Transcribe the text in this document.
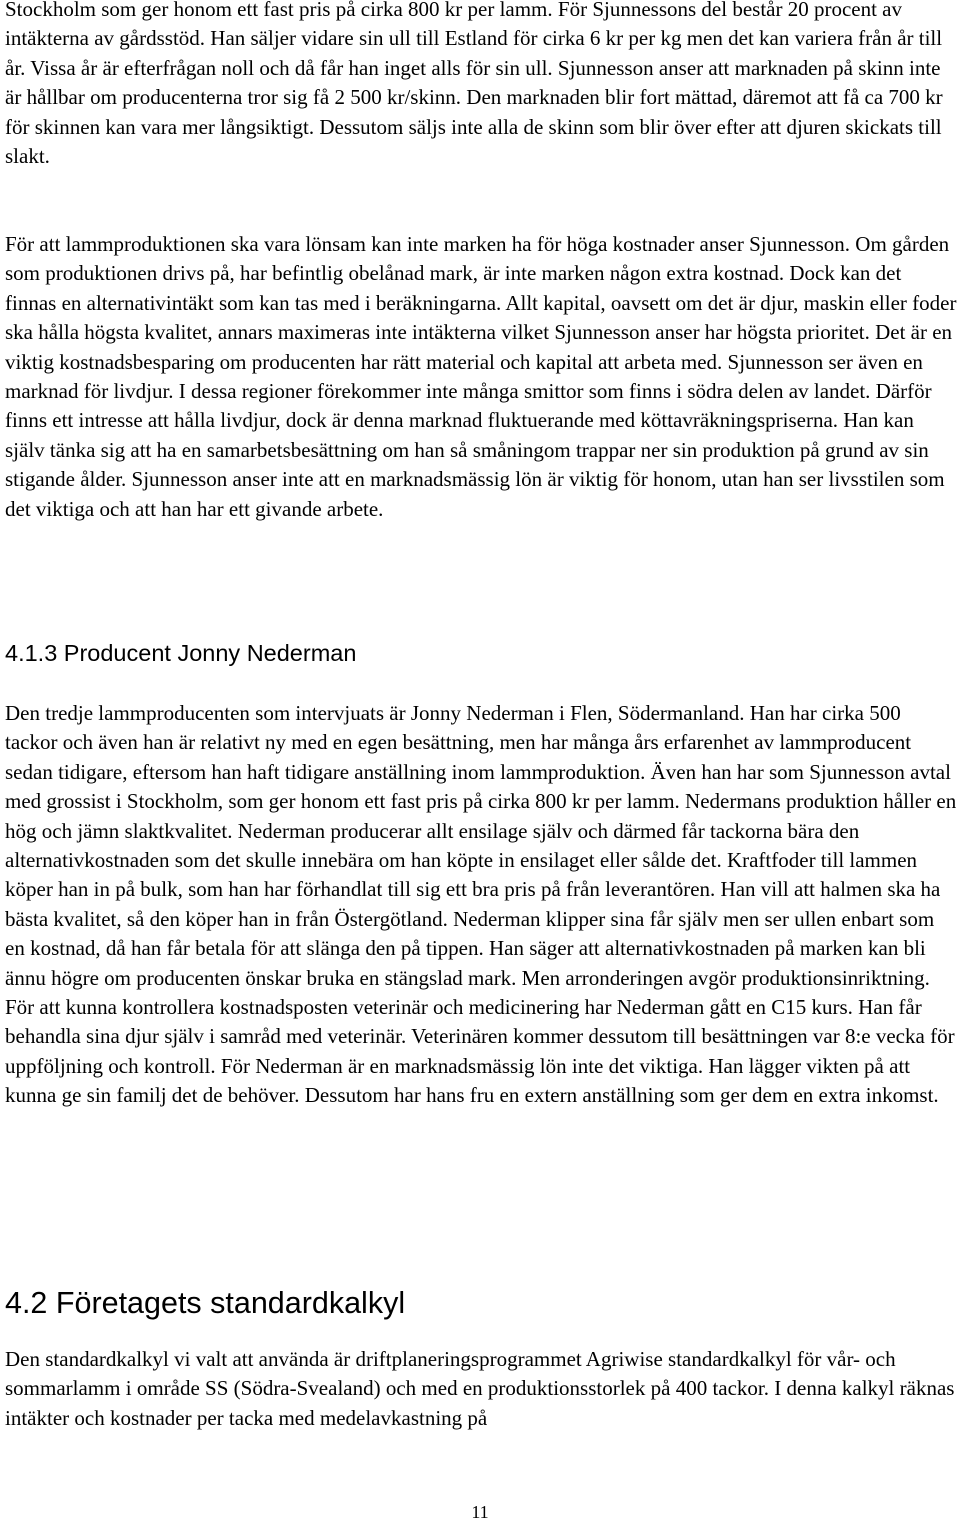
Stockholm som ger honom ett fast pris på cirka 800 kr per lamm. För Sjunnessons del består 20 procent av intäkterna av gårdsstöd. Han säljer vidare sin ull till Estland för cirka 6 kr per kg men det kan variera från år till år. Vissa år är efterfrågan noll och då får han inget alls för sin ull. Sjunnesson anser att marknaden på skinn inte är hållbar om producenterna tror sig få 2 500 kr/skinn. Den marknaden blir fort mättad, däremot att få ca 700 kr för skinnen kan vara mer långsiktigt. Dessutom säljs inte alla de skinn som blir över efter att djuren skickats till slakt.

För att lammproduktionen ska vara lönsam kan inte marken ha för höga kostnader anser Sjunnesson. Om gården som produktionen drivs på, har befintlig obelånad mark, är inte marken någon extra kostnad. Dock kan det finnas en alternativintäkt som kan tas med i beräkningarna. Allt kapital, oavsett om det är djur, maskin eller foder ska hålla högsta kvalitet, annars maximeras inte intäkterna vilket Sjunnesson anser har högsta prioritet. Det är en viktig kostnadsbesparing om producenten har rätt material och kapital att arbeta med. Sjunnesson ser även en marknad för livdjur. I dessa regioner förekommer inte många smittor som finns i södra delen av landet. Därför finns ett intresse att hålla livdjur, dock är denna marknad fluktuerande med köttavräkningspriserna. Han kan själv tänka sig att ha en samarbetsbesättning om han så småningom trappar ner sin produktion på grund av sin stigande ålder. Sjunnesson anser inte att en marknadsmässig lön är viktig för honom, utan han ser livsstilen som det viktiga och att han har ett givande arbete.

4.1.3 Producent Jonny Nederman

Den tredje lammproducenten som intervjuats är Jonny Nederman i Flen, Södermanland. Han har cirka 500 tackor och även han är relativt ny med en egen besättning, men har många års erfarenhet av lammproducent sedan tidigare, eftersom han haft tidigare anställning inom lammproduktion. Även han har som Sjunnesson avtal med grossist i Stockholm, som ger honom ett fast pris på cirka 800 kr per lamm. Nedermans produktion håller en hög och jämn slaktkvalitet. Nederman producerar allt ensilage själv och därmed får tackorna bära den alternativkostnaden som det skulle innebära om han köpte in ensilaget eller sålde det. Kraftfoder till lammen köper han in på bulk, som han har förhandlat till sig ett bra pris på från leverantören. Han vill att halmen ska ha bästa kvalitet, så den köper han in från Östergötland. Nederman klipper sina får själv men ser ullen enbart som en kostnad, då han får betala för att slänga den på tippen. Han säger att alternativkostnaden på marken kan bli ännu högre om producenten önskar bruka en stängslad mark. Men arronderingen avgör produktionsinriktning. För att kunna kontrollera kostnadsposten veterinär och medicinering har Nederman gått en C15 kurs. Han får behandla sina djur själv i samråd med veterinär. Veterinären kommer dessutom till besättningen var 8:e vecka för uppföljning och kontroll. För Nederman är en marknadsmässig lön inte det viktiga. Han lägger vikten på att kunna ge sin familj det de behöver. Dessutom har hans fru en extern anställning som ger dem en extra inkomst.

4.2 Företagets standardkalkyl

Den standardkalkyl vi valt att använda är driftplaneringsprogrammet Agriwise standardkalkyl för vår- och sommarlamm i område SS (Södra-Svealand) och med en produktionsstorlek på 400 tackor. I denna kalkyl räknas intäkter och kostnader per tacka med medelavkastning på

11
